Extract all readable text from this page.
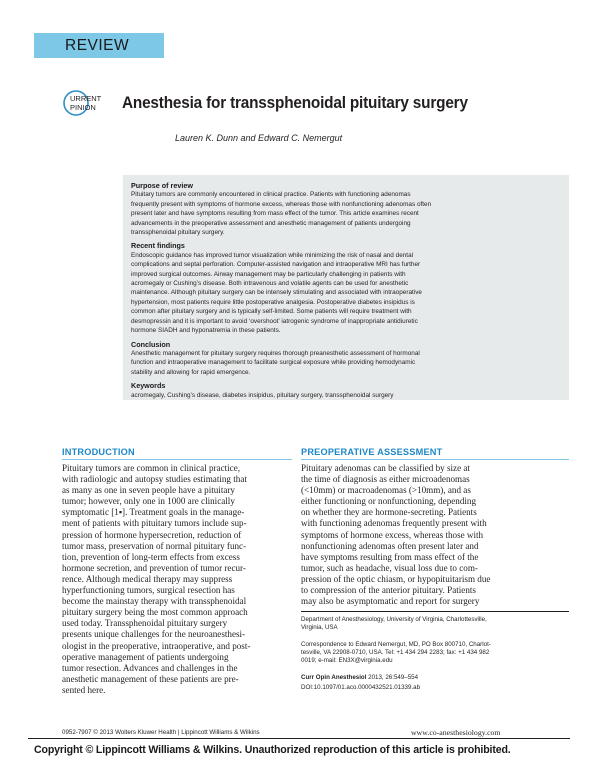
REVIEW
URRENT
PINION Anesthesia for transsphenoidal pituitary surgery
Lauren K. Dunn and Edward C. Nemergut
Purpose of review
Pituitary tumors are commonly encountered in clinical practice. Patients with functioning adenomas
frequently present with symptoms of hormone excess, whereas those with nonfunctioning adenomas often
present later and have symptoms resulting from mass effect of the tumor. This article examines recent
advancements in the preoperative assessment and anesthetic management of patients undergoing
transsphenoidal pituitary surgery.
Recent findings
Endoscopic guidance has improved tumor visualization while minimizing the risk of nasal and dental
complications and septal perforation. Computer-assisted navigation and intraoperative MRI has further
improved surgical outcomes. Airway management may be particularly challenging in patients with
acromegaly or Cushing’s disease. Both intravenous and volatile agents can be used for anesthetic
maintenance. Although pituitary surgery can be intensely stimulating and associated with intraoperative
hypertension, most patients require little postoperative analgesia. Postoperative diabetes insipidus is
common after pituitary surgery and is typically self-limited. Some patients will require treatment with
desmopressin and it is important to avoid ‘overshoot’ iatrogenic syndrome of inappropriate antidiuretic
hormone SIADH and hyponatremia in these patients.
Conclusion
Anesthetic management for pituitary surgery requires thorough preanesthetic assessment of hormonal
function and intraoperative management to facilitate surgical exposure while providing hemodynamic
stability and allowing for rapid emergence.
Keywords
acromegaly, Cushing’s disease, diabetes insipidus, pituitary surgery, transsphenoidal surgery
INTRODUCTION
Pituitary tumors are common in clinical practice,
with radiologic and autopsy studies estimating that
as many as one in seven people have a pituitary
tumor; however, only one in 1000 are clinically
symptomatic [1▪]. Treatment goals in the manage-
ment of patients with pituitary tumors include sup-
pression of hormone hypersecretion, reduction of
tumor mass, preservation of normal pituitary func-
tion, prevention of long-term effects from excess
hormone secretion, and prevention of tumor recur-
rence. Although medical therapy may suppress
hyperfunctioning tumors, surgical resection has
become the mainstay therapy with transsphenoidal
pituitary surgery being the most common approach
used today. Transsphenoidal pituitary surgery
presents unique challenges for the neuroanesthesi-
ologist in the preoperative, intraoperative, and post-
operative management of patients undergoing
tumor resection. Advances and challenges in the
anesthetic management of these patients are pre-
sented here.
PREOPERATIVE ASSESSMENT
Pituitary adenomas can be classified by size at
the time of diagnosis as either microadenomas
(<10mm) or macroadenomas (>10mm), and as
either functioning or nonfunctioning, depending
on whether they are hormone-secreting. Patients
with functioning adenomas frequently present with
symptoms of hormone excess, whereas those with
nonfunctioning adenomas often present later and
have symptoms resulting from mass effect of the
tumor, such as headache, visual loss due to com-
pression of the optic chiasm, or hypopituitarism due
to compression of the anterior pituitary. Patients
may also be asymptomatic and report for surgery
Department of Anesthesiology, University of Virginia, Charlottesville,
Virginia, USA
Correspondence to Edward Nemergut, MD, PO Box 800710, Charlot-
tesville, VA 22908-0710, USA. Tel: +1 434 294 2283; fax: +1 434 982
0019; e-mail: EN3X@virginia.edu
Curr Opin Anesthesiol 2013, 26:549–554
DOI:10.1097/01.aco.0000432521.01339.ab
0952-7907 © 2013 Wolters Kluwer Health | Lippincott Williams & Wilkins	www.co-anesthesiology.com
Copyright © Lippincott Williams & Wilkins. Unauthorized reproduction of this article is prohibited.
